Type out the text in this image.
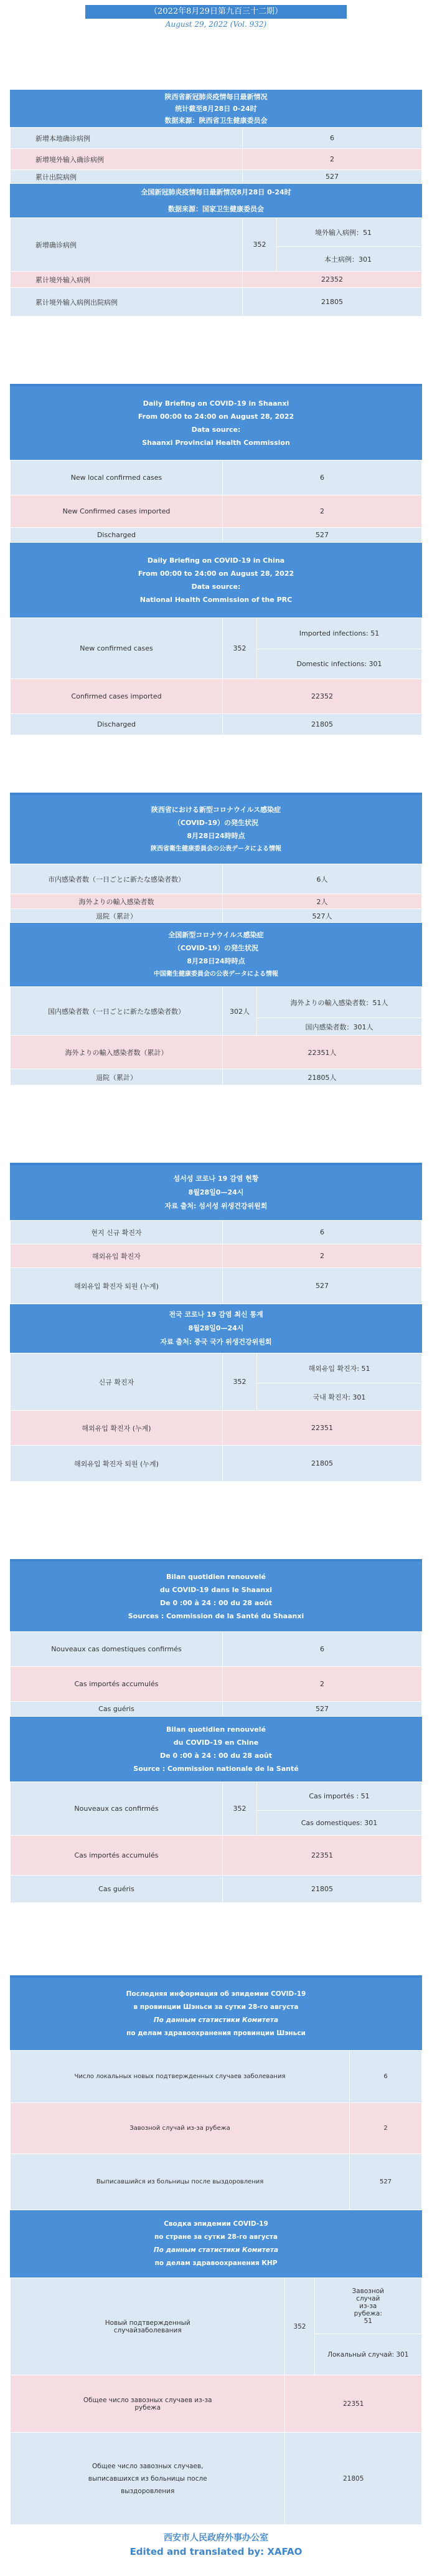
（2022年8月29日第九百三十二期）
August 29, 2022 (Vol. 932)
陕西省新冠肺炎疫情每日最新情况
统计截至8月28日 0-24时
数据来源：陕西省卫生健康委员会
新增本地确诊病例	6
新增境外输入确诊病例	2
累计出院病例	527
全国新冠肺炎疫情每日最新情况8月28日 0-24时
数据来源：国家卫生健康委员会
新增确诊病例	352	境外输入病例：51
		本土病例：301
累计境外输入病例	22352	
累计境外输入病例出院病例	21805	
Daily Briefing on COVID-19 in Shaanxi
From 00:00 to 24:00 on August 28, 2022
Data source:
Shaanxi Provincial Health Commission
New local confirmed cases	6
New Confirmed cases imported	2
Discharged	527
Daily Briefing on COVID-19 in China
From 00:00 to 24:00 on August 28, 2022
Data source:
National Health Commission of the PRC
New confirmed cases	352	Imported infections: 51
		Domestic infections: 301
Confirmed cases imported	22352	
Discharged	21805	
陝西省における新型コロナウイルス感染症
（COVID-19）の発生状況
8月28日24時時点
陝西省衛生健康委員会の公表データによる情報
市内感染者数（一日ごとに新たな感染者数）	6人
海外よりの輸入感染者数	2人
退院（累計）	527人
全国新型コロナウイルス感染症
（COVID-19）の発生状況
8月28日24時時点
中国衛生健康委員会の公表データによる情報
国内感染者数（一日ごとに新たな感染者数）	302人	海外よりの輸入感染者数：51人
		国内感染者数：301人
海外よりの輸入感染者数（累計）	22351人	
退院（累計）	21805人	
섬서성 코로나 19 감염 현황
8월28일0—24시
자료 출처: 섬서성 위생건강위원회
현지 신규 확진자	6
해외유입 확진자	2
해외유입 확진자 퇴원 (누계)	527
전국 코로나 19 감염 최신 통계
8월28일0—24시
자료 출처: 중국 국가 위생건강위원회
신규 확진자	352	해외유입 확진자: 51
		국내 확진자: 301
해외유입 확진자 (누계)	22351	
해외유입 확진자 퇴원 (누계)	21805	
Bilan quotidien renouvelé
du COVID-19 dans le Shaanxi
De 0 :00 à 24 : 00 du 28 août
Sources : Commission de la Santé du Shaanxi
Nouveaux cas domestiques confirmés	6
Cas importés accumulés	2
Cas guéris	527
Bilan quotidien renouvelé
du COVID-19 en Chine
De 0 :00 à 24 : 00 du 28 août
Source : Commission nationale de la Santé
Nouveaux cas confirmés	352	Cas importés : 51
		Cas domestiques: 301
Cas importés accumulés	22351	
Cas guéris	21805	
Последняя информация об эпидемии COVID-19
в провинции Шэньси за сутки 28-го августа
По данным статистики Комитета
по делам здравоохранения провинции Шэньси
Число локальных новых подтвержденных случаев заболевания	6
Завозной случай из-за рубежа	2
Выписавшийся из больницы после выздоровления	527
Сводка эпидемии COVID-19
по стране за сутки 28-го августа
По данным статистики Комитета
по делам здравоохранения КНР
Новый подтвержденный случайзаболевания	352	Завозной случай из-за рубежа: 51
		Локальный случай: 301
Общее число завозных случаев из-за рубежа	22351	
Общее число завозных случаев, выписавшихся из больницы после выздоровления	21805	
西安市人民政府外事办公室
Edited and translated by: XAFAO
